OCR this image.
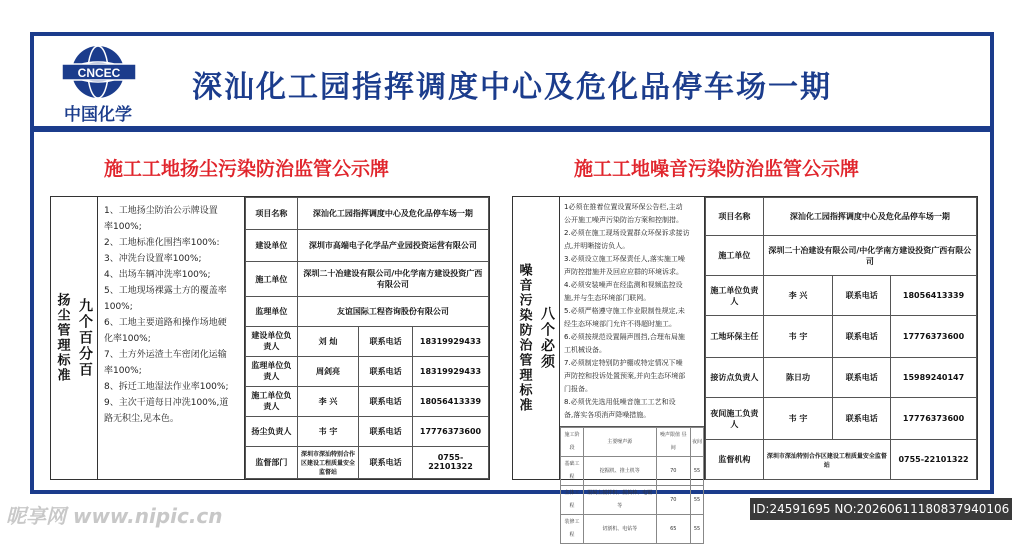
CNCEC
中国化学
深汕化工园指挥调度中心及危化品停车场一期
施工工地扬尘污染防治监管公示牌	施工工地噪音污染防治监管公示牌
扬尘管理标准 九个百分百
1、工地扬尘防治公示牌设置
率100%;
2、工地标准化围挡率100%:
3、冲洗台设置率100%;
4、出场车辆冲洗率100%;
5、工地现场裸露土方的覆盖率
100%;
6、工地主要道路和操作场地硬
化率100%;
7、土方外运渣土车密闭化运输
率100%;
8、拆迁工地湿法作业率100%;
9、主次干道每日冲洗100%,道
路无积尘,见本色。
项目名称	深汕化工园指挥调度中心及危化品停车场一期		
建设单位	深圳市高端电子化学品产业园投资运营有限公司		
施工单位	深圳二十冶建设有限公司/中化学南方建设投资广西有限公司		
监理单位	友谊国际工程咨询股份有限公司		
建设单位负责人	刘 灿	联系电话	18319929433
监理单位负责人	周剑亮	联系电话	18319929433
施工单位负责人	李 兴	联系电话	18056413339
扬尘负责人	韦 宇	联系电话	17776373600
监督部门	深圳市深汕特别合作区建设工程质量安全监督站	联系电话	0755-22101322
噪音污染防治管理标准 八个必须
1必须在推着位置设置环保公告栏,主动
公开施工噪声污染防治方案和控制措。
2.必须在施工现场设置群众环保诉求接访
点,并明晰接访负人。
3.必须设立施工环保责任人,落实施工噪
声防控措施并及回应应群的环境诉求。
4.必须安装噪声在经监测和视频监控设
施,并与生态环境部门联网。
5.必须严格遵守施工作业限制性规定,未
经生态环境部门允许不得超时施工。
6.必须按规范设置隔声围挡,合理布局施
工机械设备。
7.必须制定特别防护棚或特定情况下噪
声防控和投诉处置预案,并向生态环境部
门报备。
8.必须优先选用低噪音施工工艺和设
备,落实各项消声降噪措施。
施工阶段	主要噪声源	噪声限值 昼间	夜间
基础工程	挖掘机、推土机等	70	55
主体工程	混凝土搅拌机、振捣棒、电锯等	70	55
装修工程	切割机、电钻等	65	55
项目名称	深汕化工园指挥调度中心及危化品停车场一期		
施工单位	深圳二十冶建设有限公司/中化学南方建设投资广西有限公司		
施工单位负责人	李 兴	联系电话	18056413339
工地环保主任	韦 宇	联系电话	17776373600
接访点负责人	陈日功	联系电话	15989240147
夜间施工负责人	韦 宇	联系电话	17776373600
监督机构	深圳市深汕特别合作区建设工程质量安全监督站		0755-22101322
昵享网 www.nipic.cn	ID:24591695 NO:20260611180837940106
